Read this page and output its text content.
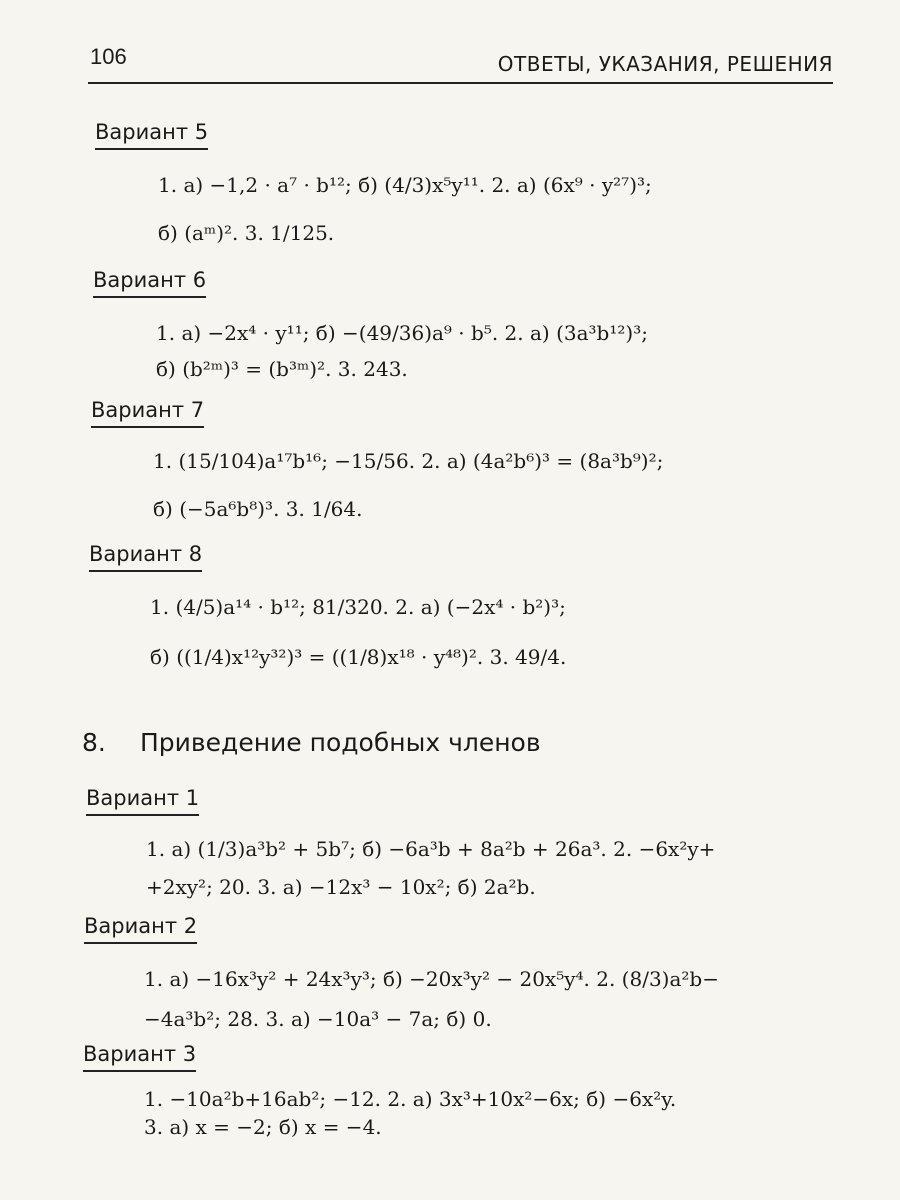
106	ОТВЕТЫ, УКАЗАНИЯ, РЕШЕНИЯ
Вариант 5
1. а) −1,2 · a⁷ · b¹²; б) (4/3)x⁵y¹¹. 2. а) (6x⁹ · y²⁷)³;
б) (aᵐ)². 3. 1/125.
Вариант 6
1. а) −2x⁴ · y¹¹; б) −(49/36)a⁹ · b⁵. 2. а) (3a³b¹²)³;
б) (b²ᵐ)³ = (b³ᵐ)². 3. 243.
Вариант 7
1. (15/104)a¹⁷b¹⁶; −15/56. 2. а) (4a²b⁶)³ = (8a³b⁹)²;
б) (−5a⁶b⁸)³. 3. 1/64.
Вариант 8
1. (4/5)a¹⁴ · b¹²; 81/320. 2. а) (−2x⁴ · b²)³;
б) ((1/4)x¹²y³²)³ = ((1/8)x¹⁸ · y⁴⁸)². 3. 49/4.
8. Приведение подобных членов
Вариант 1
1. а) (1/3)a³b² + 5b⁷; б) −6a³b + 8a²b + 26a³. 2. −6x²y+
+2xy²; 20. 3. а) −12x³ − 10x²; б) 2a²b.
Вариант 2
1. а) −16x³y² + 24x³y³; б) −20x³y² − 20x⁵y⁴. 2. (8/3)a²b−
−4a³b²; 28. 3. а) −10a³ − 7a; б) 0.
Вариант 3
1. −10a²b+16ab²; −12. 2. а) 3x³+10x²−6x; б) −6x²y.
3. а) x = −2; б) x = −4.
